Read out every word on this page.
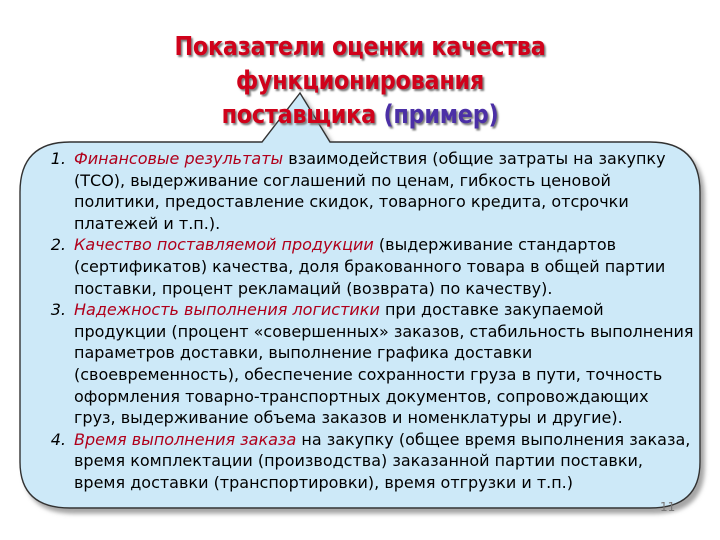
Показатели оценки качества функционирования
поставщика (пример)
1. Финансовые результаты взаимодействия (общие затраты на закупку (ТСО), выдерживание соглашений по ценам, гибкость ценовой политики, предоставление скидок, товарного кредита, отсрочки платежей и т.п.).
2. Качество поставляемой продукции (выдерживание стандартов (сертификатов) качества, доля бракованного товара в общей партии поставки, процент рекламаций (возврата) по качеству).
3. Надежность выполнения логистики при доставке закупаемой продукции (процент «совершенных» заказов, стабильность выполнения параметров доставки, выполнение графика доставки (своевременность), обеспечение сохранности груза в пути, точность оформления товарно-транспортных документов, сопровождающих груз, выдерживание объема заказов и номенклатуры и другие).
4. Время выполнения заказа на закупку (общее время выполнения заказа, время комплектации (производства) заказанной партии поставки, время доставки (транспортировки), время отгрузки и т.п.)
11
